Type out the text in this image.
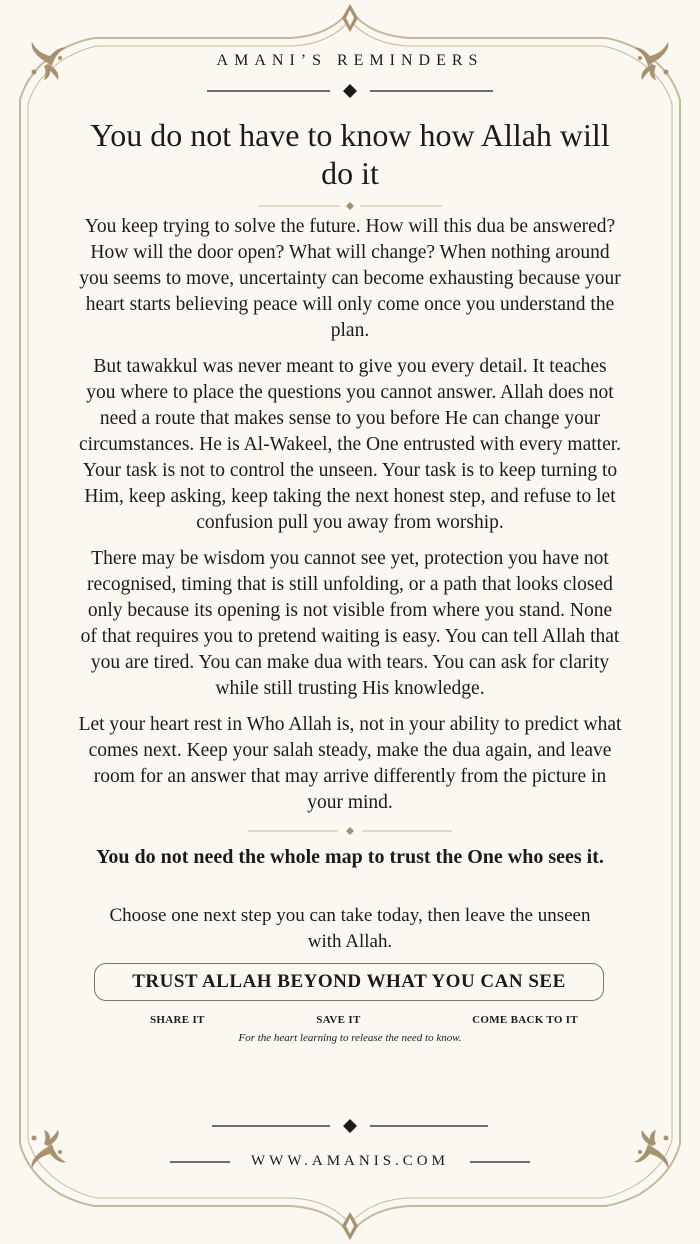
AMANI’S REMINDERS
You do not have to know how Allah will do it

You keep trying to solve the future. How will this dua be answered? How will the door open? What will change? When nothing around you seems to move, uncertainty can become exhausting because your heart starts believing peace will only come once you understand the plan.

But tawakkul was never meant to give you every detail. It teaches you where to place the questions you cannot answer. Allah does not need a route that makes sense to you before He can change your circumstances. He is Al-Wakeel, the One entrusted with every matter. Your task is not to control the unseen. Your task is to keep turning to Him, keep asking, keep taking the next honest step, and refuse to let confusion pull you away from worship.

There may be wisdom you cannot see yet, protection you have not recognised, timing that is still unfolding, or a path that looks closed only because its opening is not visible from where you stand. None of that requires you to pretend waiting is easy. You can tell Allah that you are tired. You can make dua with tears. You can ask for clarity while still trusting His knowledge.

Let your heart rest in Who Allah is, not in your ability to predict what comes next. Keep your salah steady, make the dua again, and leave room for an answer that may arrive differently from the picture in your mind.

You do not need the whole map to trust the One who sees it.
Choose one next step you can take today, then leave the unseen with Allah.
TRUST ALLAH BEYOND WHAT YOU CAN SEE
SHARE IT	SAVE IT	COME BACK TO IT
For the heart learning to release the need to know.
WWW.AMANIS.COM
